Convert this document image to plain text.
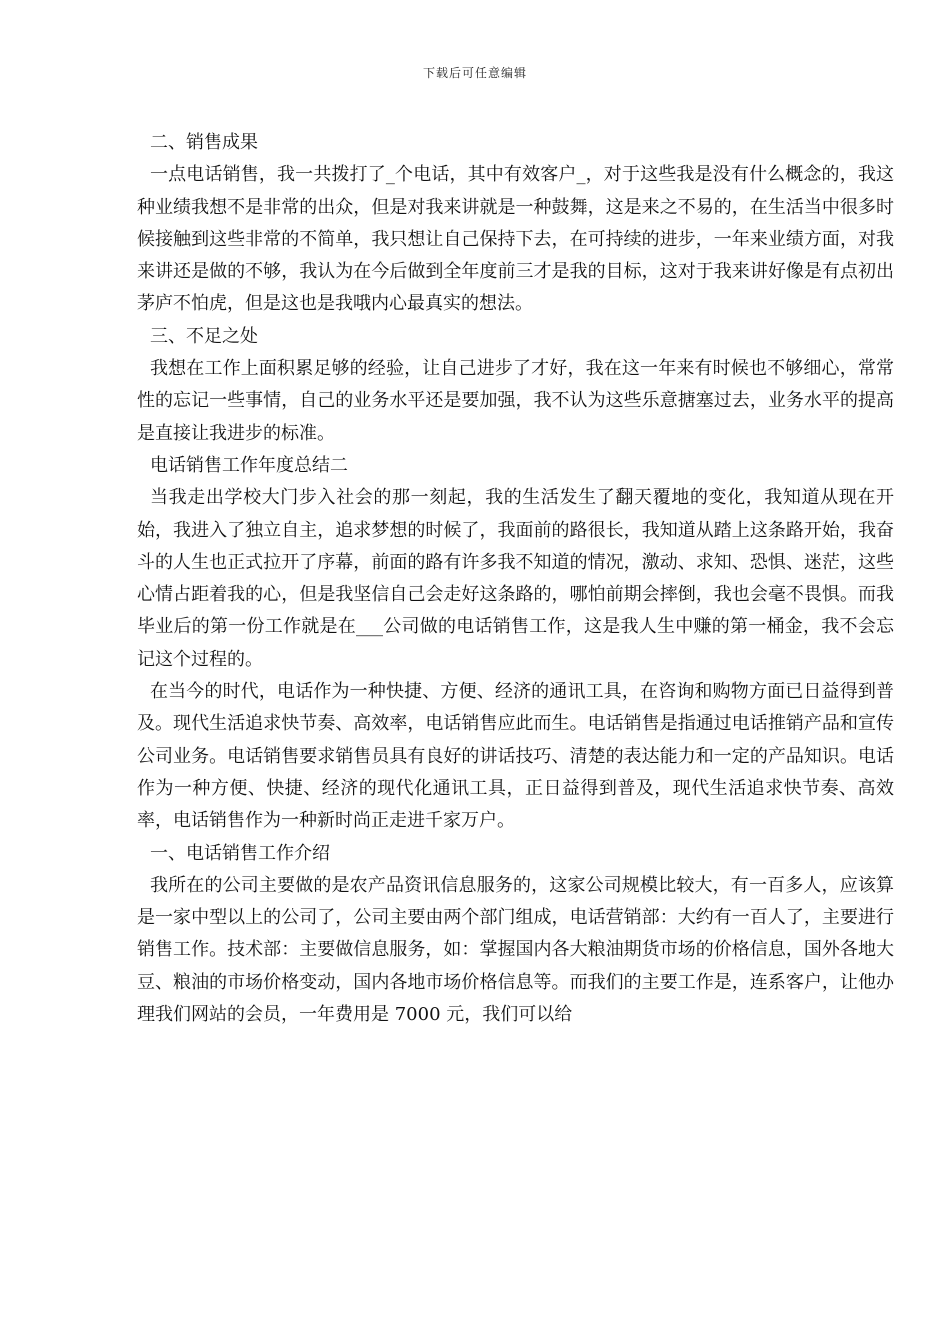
下载后可任意编辑

二、销售成果

一点电话销售，我一共拨打了_个电话，其中有效客户_，对于这些我是没有什么概念的，我这种业绩我想不是非常的出众，但是对我来讲就是一种鼓舞，这是来之不易的，在生活当中很多时候接触到这些非常的不简单，我只想让自己保持下去，在可持续的进步，一年来业绩方面，对我来讲还是做的不够，我认为在今后做到全年度前三才是我的目标，这对于我来讲好像是有点初出茅庐不怕虎，但是这也是我哦内心最真实的想法。

三、不足之处

我想在工作上面积累足够的经验，让自己进步了才好，我在这一年来有时候也不够细心，常常性的忘记一些事情，自己的业务水平还是要加强，我不认为这些乐意搪塞过去，业务水平的提高是直接让我进步的标准。

电话销售工作年度总结二

当我走出学校大门步入社会的那一刻起，我的生活发生了翻天覆地的变化，我知道从现在开始，我进入了独立自主，追求梦想的时候了，我面前的路很长，我知道从踏上这条路开始，我奋斗的人生也正式拉开了序幕，前面的路有许多我不知道的情况，激动、求知、恐惧、迷茫，这些心情占距着我的心，但是我坚信自己会走好这条路的，哪怕前期会摔倒，我也会毫不畏惧。而我毕业后的第一份工作就是在___公司做的电话销售工作，这是我人生中赚的第一桶金，我不会忘记这个过程的。

在当今的时代，电话作为一种快捷、方便、经济的通讯工具，在咨询和购物方面已日益得到普及。现代生活追求快节奏、高效率，电话销售应此而生。电话销售是指通过电话推销产品和宣传公司业务。电话销售要求销售员具有良好的讲话技巧、清楚的表达能力和一定的产品知识。电话作为一种方便、快捷、经济的现代化通讯工具，正日益得到普及，现代生活追求快节奏、高效率，电话销售作为一种新时尚正走进千家万户。

一、电话销售工作介绍

我所在的公司主要做的是农产品资讯信息服务的，这家公司规模比较大，有一百多人，应该算是一家中型以上的公司了，公司主要由两个部门组成，电话营销部：大约有一百人了，主要进行销售工作。技术部：主要做信息服务，如：掌握国内各大粮油期货市场的价格信息，国外各地大豆、粮油的市场价格变动，国内各地市场价格信息等。而我们的主要工作是，连系客户，让他办理我们网站的会员，一年费用是 7000 元，我们可以给
